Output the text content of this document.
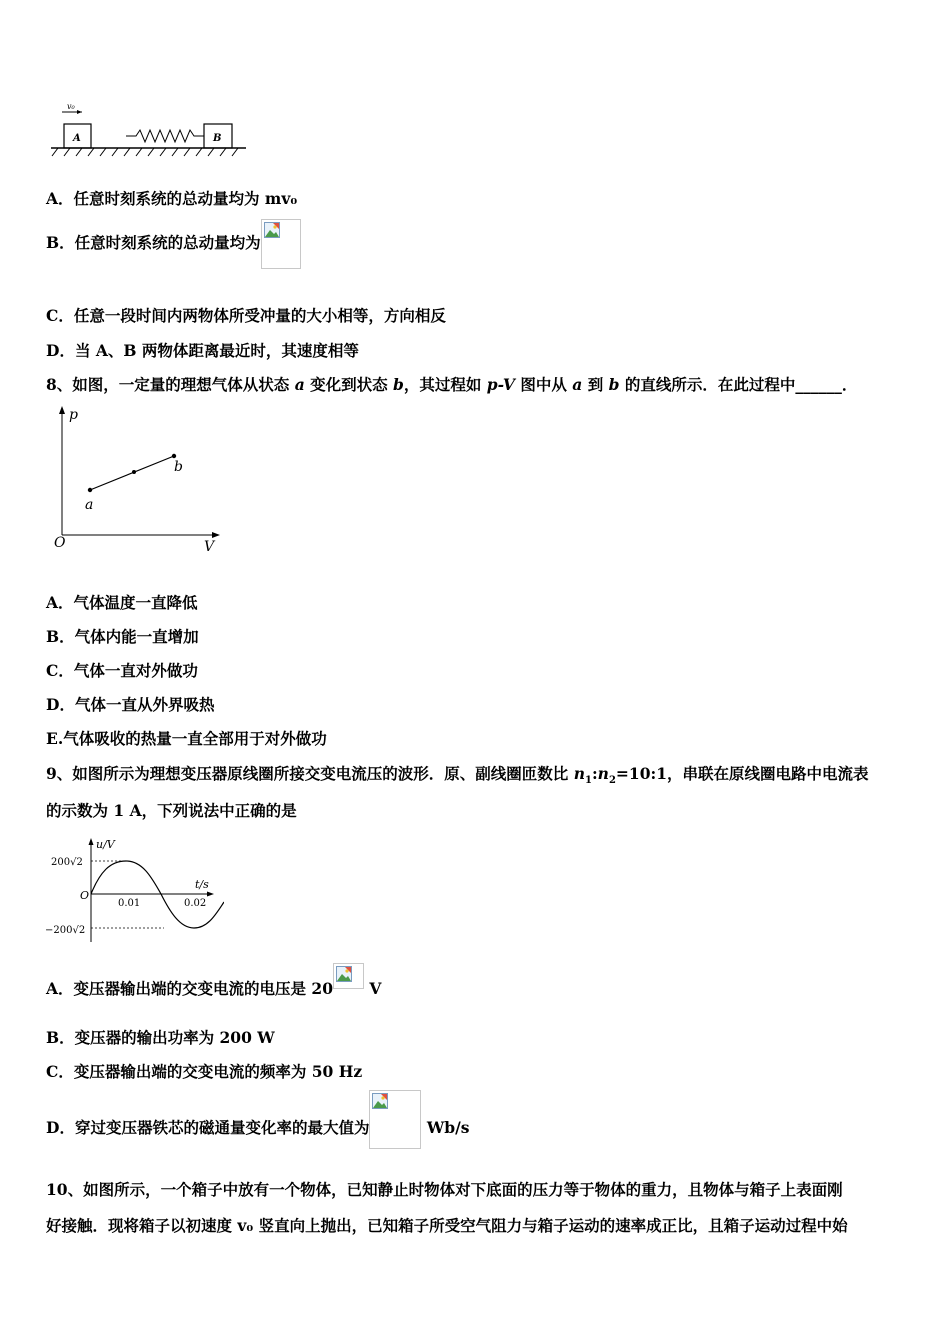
v₀
A	B
A．任意时刻系统的总动量均为 mv₀
B．任意时刻系统的总动量均为
C．任意一段时间内两物体所受冲量的大小相等，方向相反
D．当 A、B 两物体距离最近时，其速度相等
8、如图，一定量的理想气体从状态 a 变化到状态 b，其过程如 p-V 图中从 a 到 b 的直线所示．在此过程中______．
p
V
O
a
b
A．气体温度一直降低
B．气体内能一直增加
C．气体一直对外做功
D．气体一直从外界吸热
E.气体吸收的热量一直全部用于对外做功
9、如图所示为理想变压器原线圈所接交变电流压的波形．原、副线圈匝数比 $n_1:n_2=10:1$，串联在原线圈电路中电流表
的示数为 1 A，下列说法中正确的是
u/V
t/s
O
200√2
−200√2
0.01	0.02
A．变压器输出端的交变电流的电压是 20
V
B．变压器的输出功率为 200 W
C．变压器输出端的交变电流的频率为 50 Hz
D．穿过变压器铁芯的磁通量变化率的最大值为	Wb/s
10、如图所示，一个箱子中放有一个物体，已知静止时物体对下底面的压力等于物体的重力，且物体与箱子上表面刚
好接触．现将箱子以初速度 v₀ 竖直向上抛出，已知箱子所受空气阻力与箱子运动的速率成正比，且箱子运动过程中始
